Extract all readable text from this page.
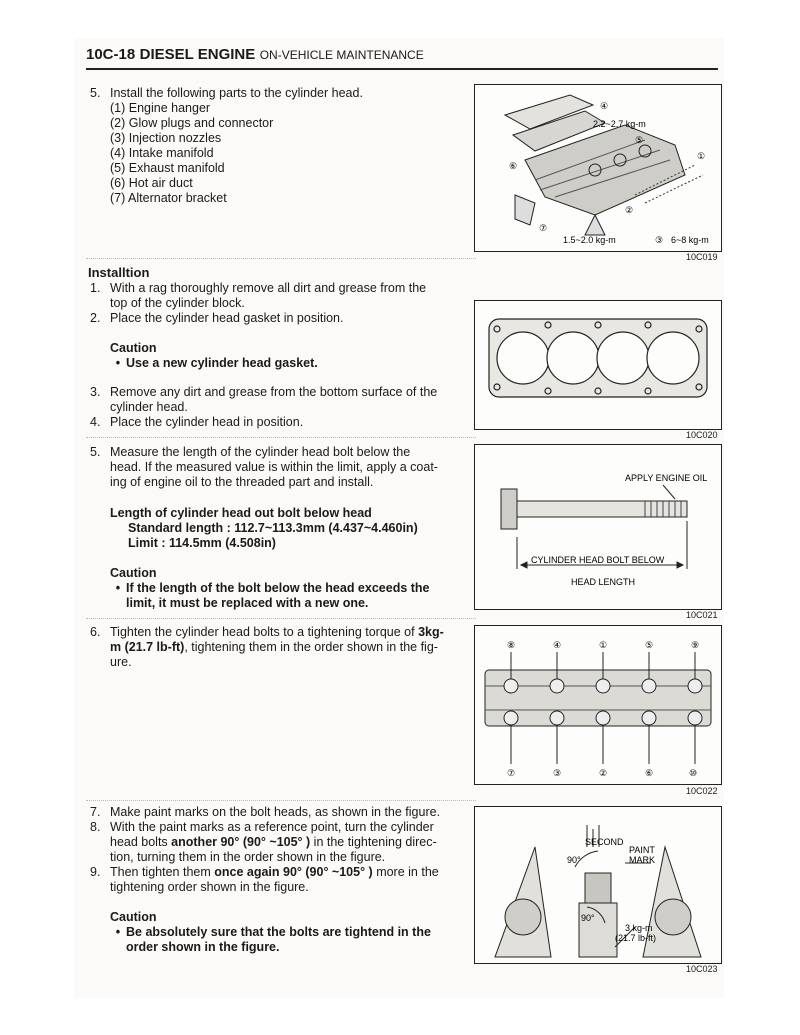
10C-18 DIESEL ENGINE ON-VEHICLE MAINTENANCE
5. Install the following parts to the cylinder head.
(1) Engine hanger
(2) Glow plugs and connector
(3) Injection nozzles
(4) Intake manifold
(5) Exhaust manifold
(6) Hot air duct
(7) Alternator bracket
Installtion
1. With a rag thoroughly remove all dirt and grease from the
top of the cylinder block.
2. Place the cylinder head gasket in position.
Caution
• Use a new cylinder head gasket.
3. Remove any dirt and grease from the bottom surface of the
cylinder head.
4. Place the cylinder head in position.
5. Measure the length of the cylinder head bolt below the
head. If the measured value is within the limit, apply a coat-
ing of engine oil to the threaded part and install.
Length of cylinder head out bolt below head
Standard length : 112.7~113.3mm (4.437~4.460in)
Limit : 114.5mm (4.508in)
Caution
• If the length of the bolt below the head exceeds the
limit, it must be replaced with a new one.
6. Tighten the cylinder head bolts to a tightening torque of 3kg-
m (21.7 lb-ft), tightening them in the order shown in the fig-
ure.
7. Make paint marks on the bolt heads, as shown in the figure.
8. With the paint marks as a reference point, turn the cylinder
head bolts another 90° (90° ~105° ) in the tightening direc-
tion, turning them in the order shown in the figure.
9. Then tighten them once again 90° (90° ~105° ) more in the
tightening order shown in the figure.
Caution
• Be absolutely sure that the bolts are tightend in the
order shown in the figure.
④
⑤
⑥
①
②
③
⑦
2.2~2.7 kg-m
1.5~2.0 kg-m	6~8 kg-m
10C019
10C020
APPLY ENGINE OIL
CYLINDER HEAD BOLT BELOW
HEAD LENGTH
10C021
⑧	④	①	⑤	⑨
⑦	③	②	⑥	⑩
10C022
SECOND
PAINT
MARK
90°
90°
3 kg-m
(21.7 lb-ft)
10C023
